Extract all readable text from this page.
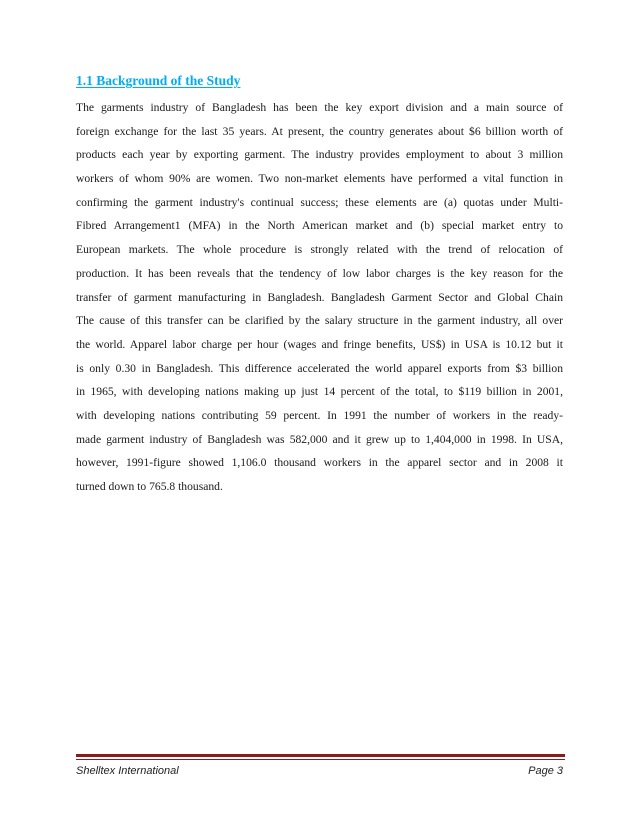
1.1 Background of the Study
The garments industry of Bangladesh has been the key export division and a main source of
foreign exchange for the last 35 years. At present, the country generates about $6 billion worth of
products each year by exporting garment. The industry provides employment to about 3 million
workers of whom 90% are women. Two non-market elements have performed a vital function in
confirming the garment industry's continual success; these elements are (a) quotas under Multi-
Fibred Arrangement1 (MFA) in the North American market and (b) special market entry to
European markets. The whole procedure is strongly related with the trend of relocation of
production. It has been reveals that the tendency of low labor charges is the key reason for the
transfer of garment manufacturing in Bangladesh. Bangladesh Garment Sector and Global Chain
The cause of this transfer can be clarified by the salary structure in the garment industry, all over
the world. Apparel labor charge per hour (wages and fringe benefits, US$) in USA is 10.12 but it
is only 0.30 in Bangladesh. This difference accelerated the world apparel exports from $3 billion
in 1965, with developing nations making up just 14 percent of the total, to $119 billion in 2001,
with developing nations contributing 59 percent. In 1991 the number of workers in the ready-
made garment industry of Bangladesh was 582,000 and it grew up to 1,404,000 in 1998. In USA,
however, 1991-figure showed 1,106.0 thousand workers in the apparel sector and in 2008 it
turned down to 765.8 thousand.
Shelltex International	Page 3
